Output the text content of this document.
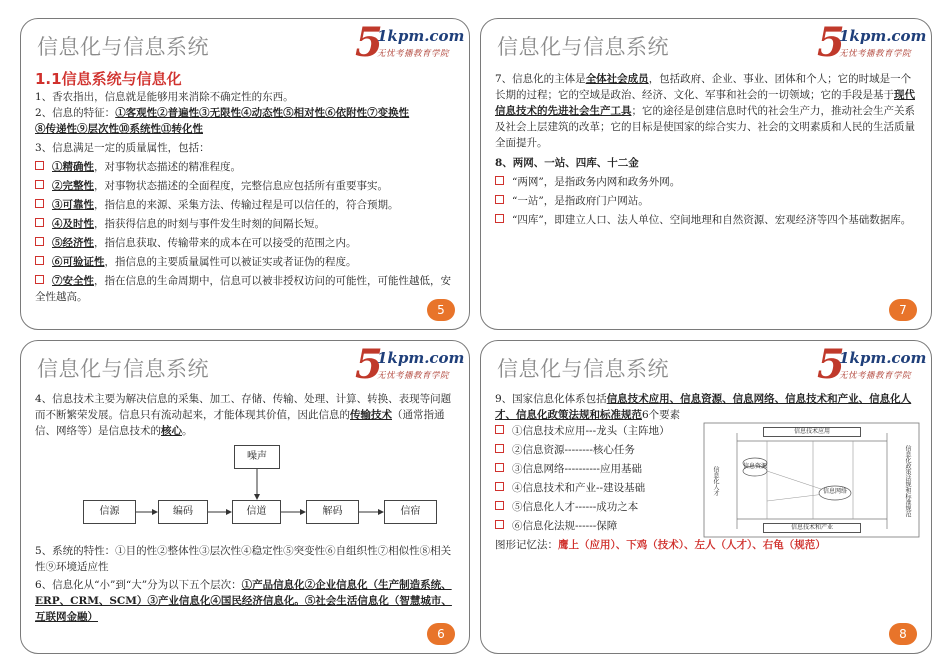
信息化与信息系统	5
1kpm.com
无忧考播教育学院
1.1信息系统与信息化
1、香农指出，信息就是能够用来消除不确定性的东西。
2、信息的特征：①客观性②普遍性③无限性④动态性⑤相对性⑥依附性⑦变换性
⑧传递性⑨层次性⑩系统性⑪转化性
3、信息满足一定的质量属性，包括：
①精确性，对事物状态描述的精准程度。
②完整性，对事物状态描述的全面程度，完整信息应包括所有重要事实。
③可靠性，指信息的来源、采集方法、传输过程是可以信任的，符合预期。
④及时性，指获得信息的时刻与事件发生时刻的间隔长短。
⑤经济性，指信息获取、传输带来的成本在可以接受的范围之内。
⑥可验证性，指信息的主要质量属性可以被证实或者证伪的程度。
⑦安全性，指在信息的生命周期中，信息可以被非授权访问的可能性，可能性越低，安全性越高。
5
信息化与信息系统	5
1kpm.com
无忧考播教育学院
7、信息化的主体是全体社会成员，包括政府、企业、事业、团体和个人；它的时域是一个长期的过程；它的空域是政治、经济、文化、军事和社会的一切领域；它的手段是基于现代信息技术的先进社会生产工具；它的途径是创建信息时代的社会生产力，推动社会生产关系及社会上层建筑的改革；它的目标是使国家的综合实力、社会的文明素质和人民的生活质量全面提升。
8、两网、一站、四库、十二金
“两网”，是指政务内网和政务外网。
“一站”，是指政府门户网站。
“四库”，即建立人口、法人单位、空间地理和自然资源、宏观经济等四个基础数据库。
7
信息化与信息系统	5
1kpm.com
无忧考播教育学院
4、信息技术主要为解决信息的采集、加工、存储、传输、处理、计算、转换、表现等问题而不断繁荣发展。信息只有流动起来，才能体现其价值，因此信息的传输技术（通常指通信、网络等）是信息技术的核心。
噪声
信源	编码	信道	解码	信宿
5、系统的特性：①目的性②整体性③层次性④稳定性⑤突变性⑥自组织性⑦相似性⑧相关性⑨环境适应性
6、信息化从“小”到“大”分为以下五个层次：①产品信息化②企业信息化（生产制造系统、ERP、CRM、SCM）③产业信息化④国民经济信息化。⑤社会生活信息化（智慧城市、互联网金融）
6
信息化与信息系统	5
1kpm.com
无忧考播教育学院
9、国家信息化体系包括信息技术应用、信息资源、信息网络、信息技术和产业、信息化人才、信息化政策法规和标准规范6个要素
①信息技术应用---龙头（主阵地）
②信息资源--------核心任务
③信息网络----------应用基础
④信息技术和产业--建设基础
⑤信息化人才------成功之本
⑥信息化法规------保障
信息技术应用
信息资源
信息网络
信息技术和产业
信息化人才	信息化政策法规和标准规范
图形记忆法：鹰上（应用）、下鸡（技术）、左人（人才）、右龟（规范）
8
